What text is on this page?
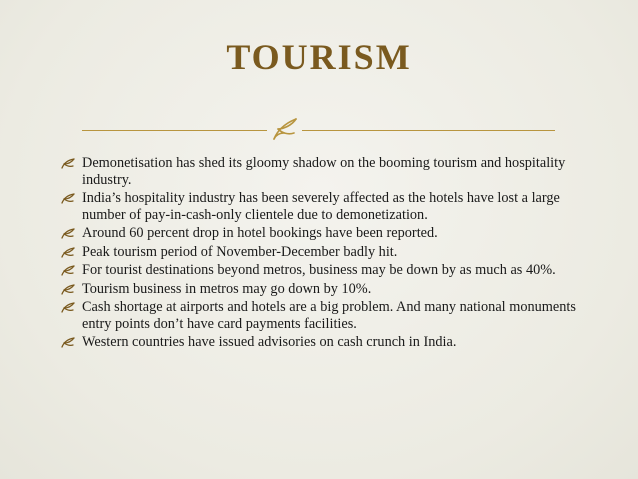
TOURISM
Demonetisation has shed its gloomy shadow on the booming tourism and hospitality industry.
India’s hospitality industry has been severely affected as the hotels have lost a large number of pay-in-cash-only clientele due to demonetization.
Around 60 percent drop in hotel bookings have been reported.
Peak tourism period of November-December badly hit.
For tourist destinations beyond metros, business may be down by as much as 40%.
Tourism business in metros may go down by 10%.
Cash shortage at airports and hotels are a big problem. And many national monuments entry points don’t have card payments facilities.
Western countries have issued advisories on cash crunch in India.
